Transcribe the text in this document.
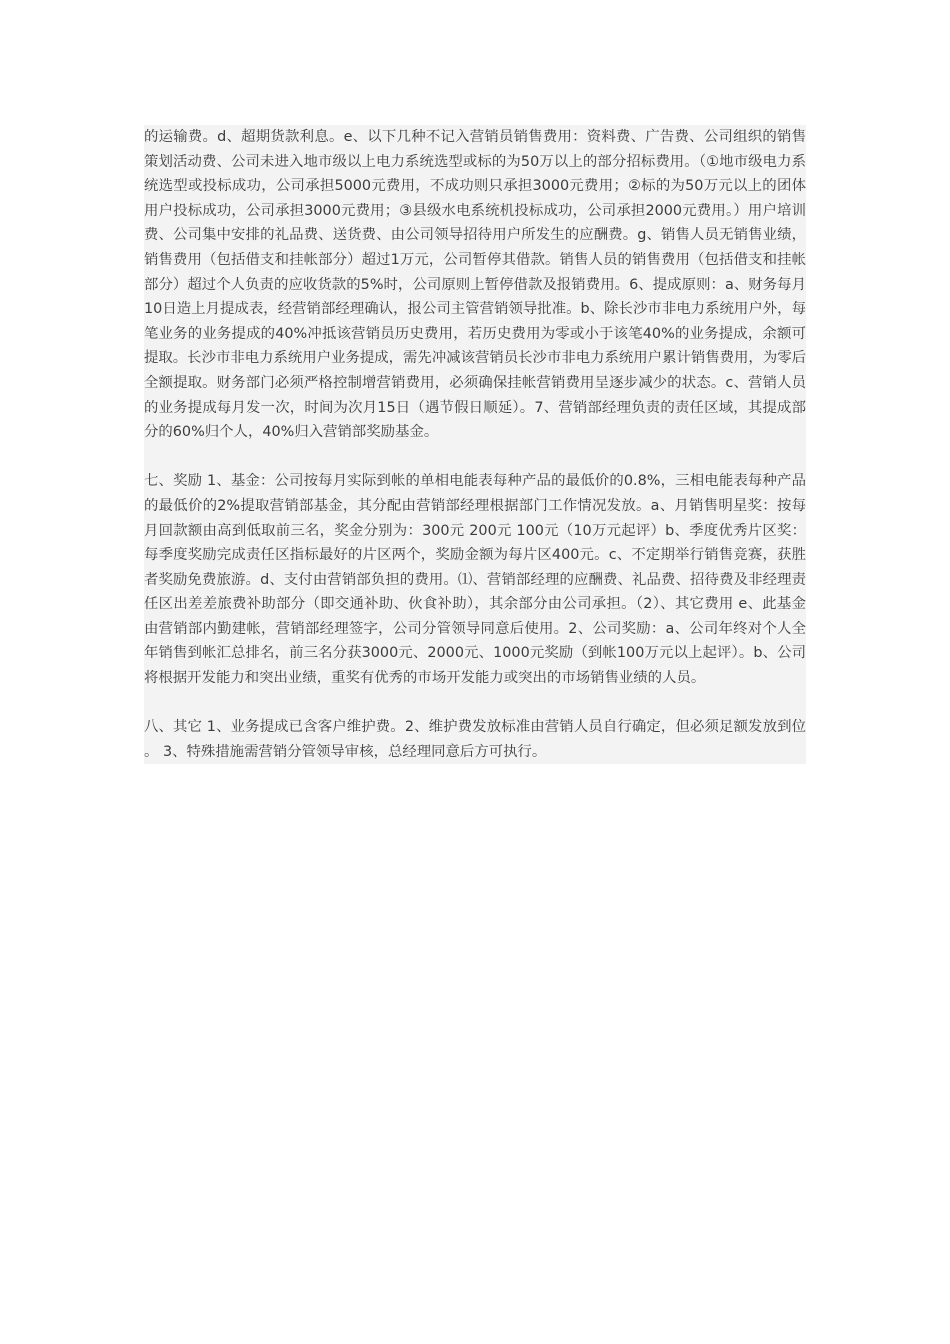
的运输费。d、超期货款利息。e、以下几种不记入营销员销售费用：资料费、广告费、公司组织的销售策划活动费、公司未进入地市级以上电力系统选型或标的为50万以上的部分招标费用。（①地市级电力系统选型或投标成功，公司承担5000元费用，不成功则只承担3000元费用；②标的为50万元以上的团体用户投标成功，公司承担3000元费用；③县级水电系统机投标成功，公司承担2000元费用。）用户培训费、公司集中安排的礼品费、送货费、由公司领导招待用户所发生的应酬费。g、销售人员无销售业绩，销售费用（包括借支和挂帐部分）超过1万元，公司暂停其借款。销售人员的销售费用（包括借支和挂帐部分）超过个人负责的应收货款的5%时，公司原则上暂停借款及报销费用。6、提成原则：a、财务每月10日造上月提成表，经营销部经理确认，报公司主管营销领导批准。b、除长沙市非电力系统用户外，每笔业务的业务提成的40%冲抵该营销员历史费用，若历史费用为零或小于该笔40%的业务提成，余额可提取。长沙市非电力系统用户业务提成，需先冲减该营销员长沙市非电力系统用户累计销售费用，为零后全额提取。财务部门必须严格控制增营销费用，必须确保挂帐营销费用呈逐步减少的状态。c、营销人员的业务提成每月发一次，时间为次月15日（遇节假日顺延）。7、营销部经理负责的责任区域，其提成部分的60%归个人，40%归入营销部奖励基金。

七、奖励 1、基金：公司按每月实际到帐的单相电能表每种产品的最低价的0.8%，三相电能表每种产品的最低价的2%提取营销部基金，其分配由营销部经理根据部门工作情况发放。a、月销售明星奖：按每月回款额由高到低取前三名，奖金分别为：300元 200元 100元（10万元起评）b、季度优秀片区奖：每季度奖励完成责任区指标最好的片区两个，奖励金额为每片区400元。c、不定期举行销售竞赛，获胜者奖励免费旅游。d、支付由营销部负担的费用。⑴、营销部经理的应酬费、礼品费、招待费及非经理责任区出差差旅费补助部分（即交通补助、伙食补助），其余部分由公司承担。（2）、其它费用 e、此基金由营销部内勤建帐，营销部经理签字，公司分管领导同意后使用。2、公司奖励：a、公司年终对个人全年销售到帐汇总排名，前三名分获3000元、2000元、1000元奖励（到帐100万元以上起评）。b、公司将根据开发能力和突出业绩，重奖有优秀的市场开发能力或突出的市场销售业绩的人员。

八、其它 1、业务提成已含客户维护费。2、维护费发放标准由营销人员自行确定，但必须足额发放到位。 3、特殊措施需营销分管领导审核，总经理同意后方可执行。
